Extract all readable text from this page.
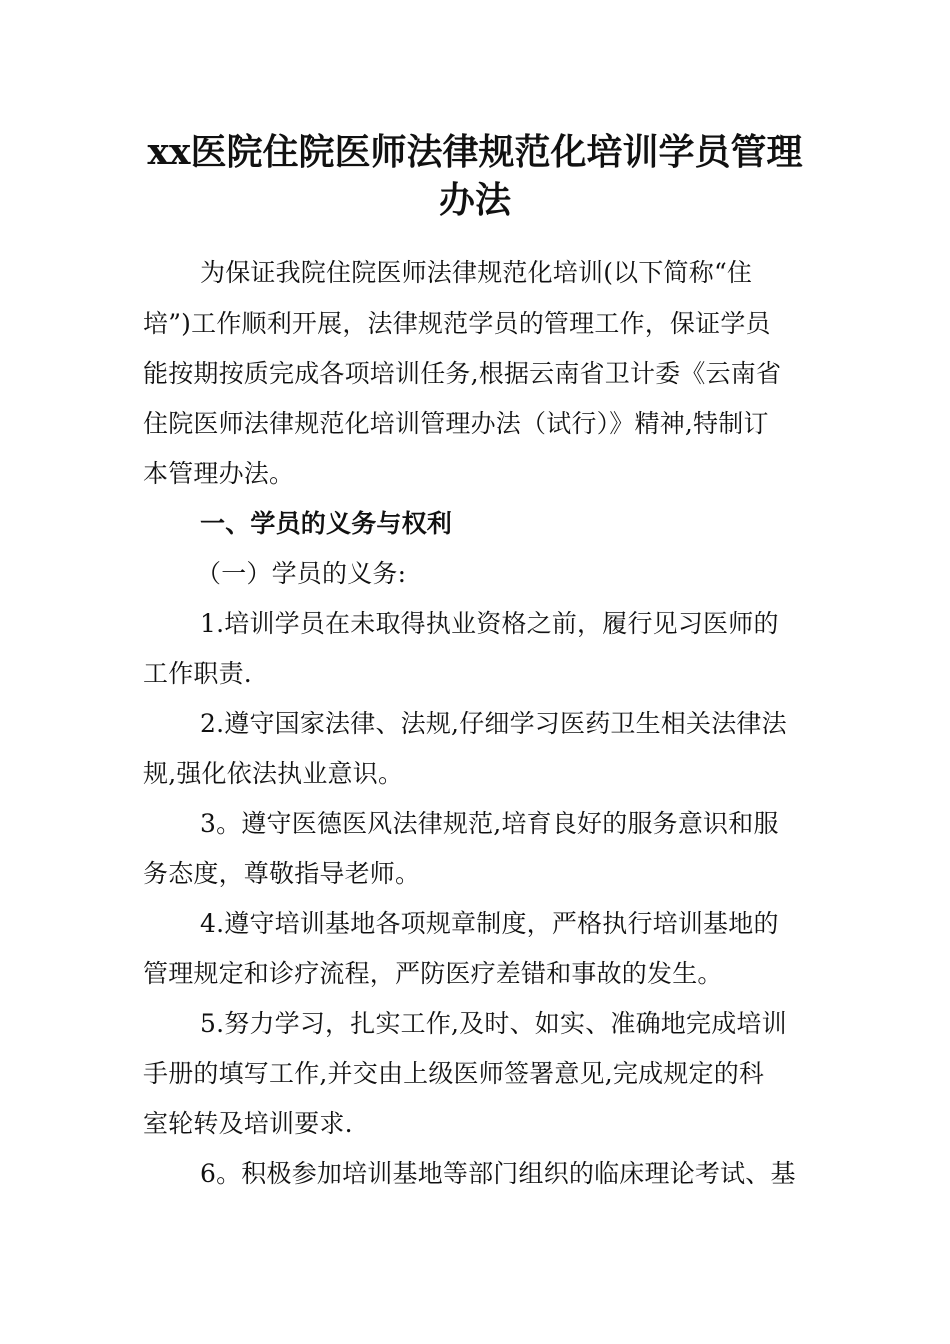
xx医院住院医师法律规范化培训学员管理
办法
为保证我院住院医师法律规范化培训(以下简称“住
培”)工作顺利开展，法律规范学员的管理工作，保证学员
能按期按质完成各项培训任务,根据云南省卫计委《云南省
住院医师法律规范化培训管理办法（试行）》精神,特制订
本管理办法。
一、学员的义务与权利
（一）学员的义务:
1.培训学员在未取得执业资格之前，履行见习医师的
工作职责.
2.遵守国家法律、法规,仔细学习医药卫生相关法律法
规,强化依法执业意识。
3。遵守医德医风法律规范,培育良好的服务意识和服
务态度，尊敬指导老师。
4.遵守培训基地各项规章制度，严格执行培训基地的
管理规定和诊疗流程，严防医疗差错和事故的发生。
5.努力学习，扎实工作,及时、如实、准确地完成培训
手册的填写工作,并交由上级医师签署意见,完成规定的科
室轮转及培训要求.
6。积极参加培训基地等部门组织的临床理论考试、基
